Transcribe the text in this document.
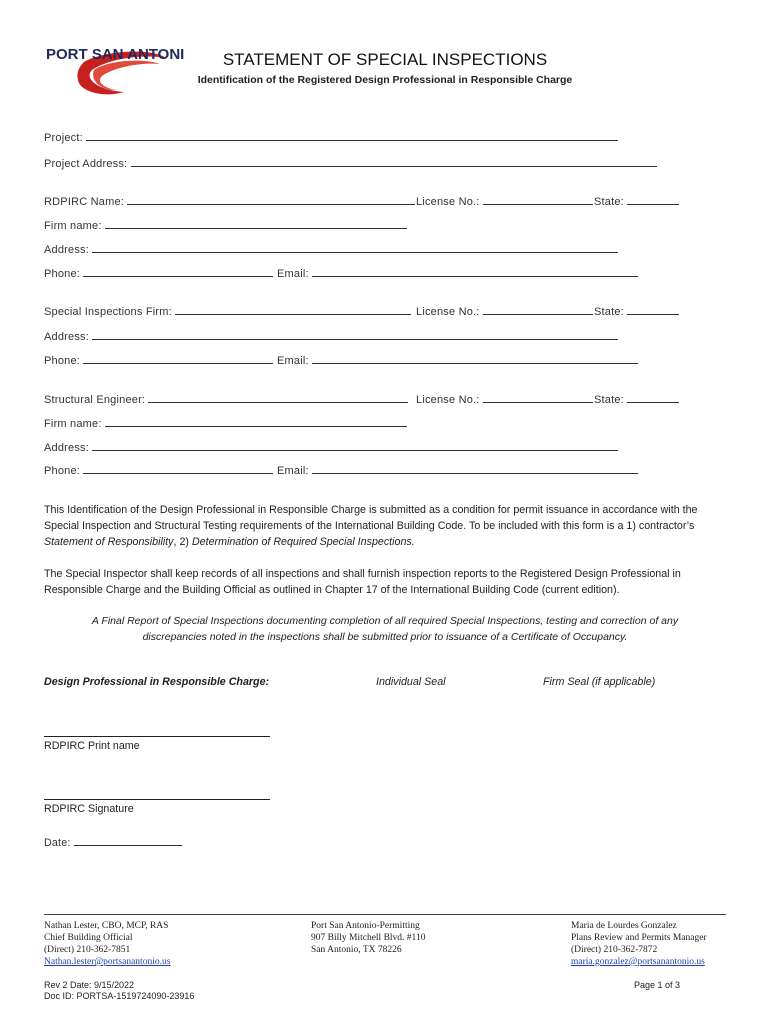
PORT SAN ANTONIO	STATEMENT OF SPECIAL INSPECTIONS
Identification of the Registered Design Professional in Responsible Charge
Project:
Project Address:
RDPIRC Name:	License No.:	State:
Firm name:
Address:
Phone:	Email:
Special Inspections Firm:	License No.:	State:
Address:
Phone:	Email:
Structural Engineer:	License No.:	State:
Firm name:
Address:
Phone:	Email:
This Identification of the Design Professional in Responsible Charge is submitted as a condition for permit issuance in accordance with the Special Inspection and Structural Testing requirements of the International Building Code. To be included with this form is a 1) contractor’s Statement of Responsibility, 2) Determination of Required Special Inspections.
The Special Inspector shall keep records of all inspections and shall furnish inspection reports to the Registered Design Professional in Responsible Charge and the Building Official as outlined in Chapter 17 of the International Building Code (current edition).
A Final Report of Special Inspections documenting completion of all required Special Inspections, testing and correction of any discrepancies noted in the inspections shall be submitted prior to issuance of a Certificate of Occupancy.
Design Professional in Responsible Charge:	Individual Seal	Firm Seal (if applicable)
RDPIRC Print name
RDPIRC Signature
Date:
Nathan Lester, CBO, MCP, RAS
Chief Building Official
(Direct) 210-362-7851
Nathan.lester@portsanantonio.us
Port San Antonio-Permitting
907 Billy Mitchell Blvd. #110
San Antonio, TX 78226
Maria de Lourdes Gonzalez
Plans Review and Permits Manager
(Direct) 210-362-7872
maria.gonzalez@portsanantonio.us
Rev 2 Date: 9/15/2022
Doc ID: PORTSA-1519724090-23916
Page 1 of 3
